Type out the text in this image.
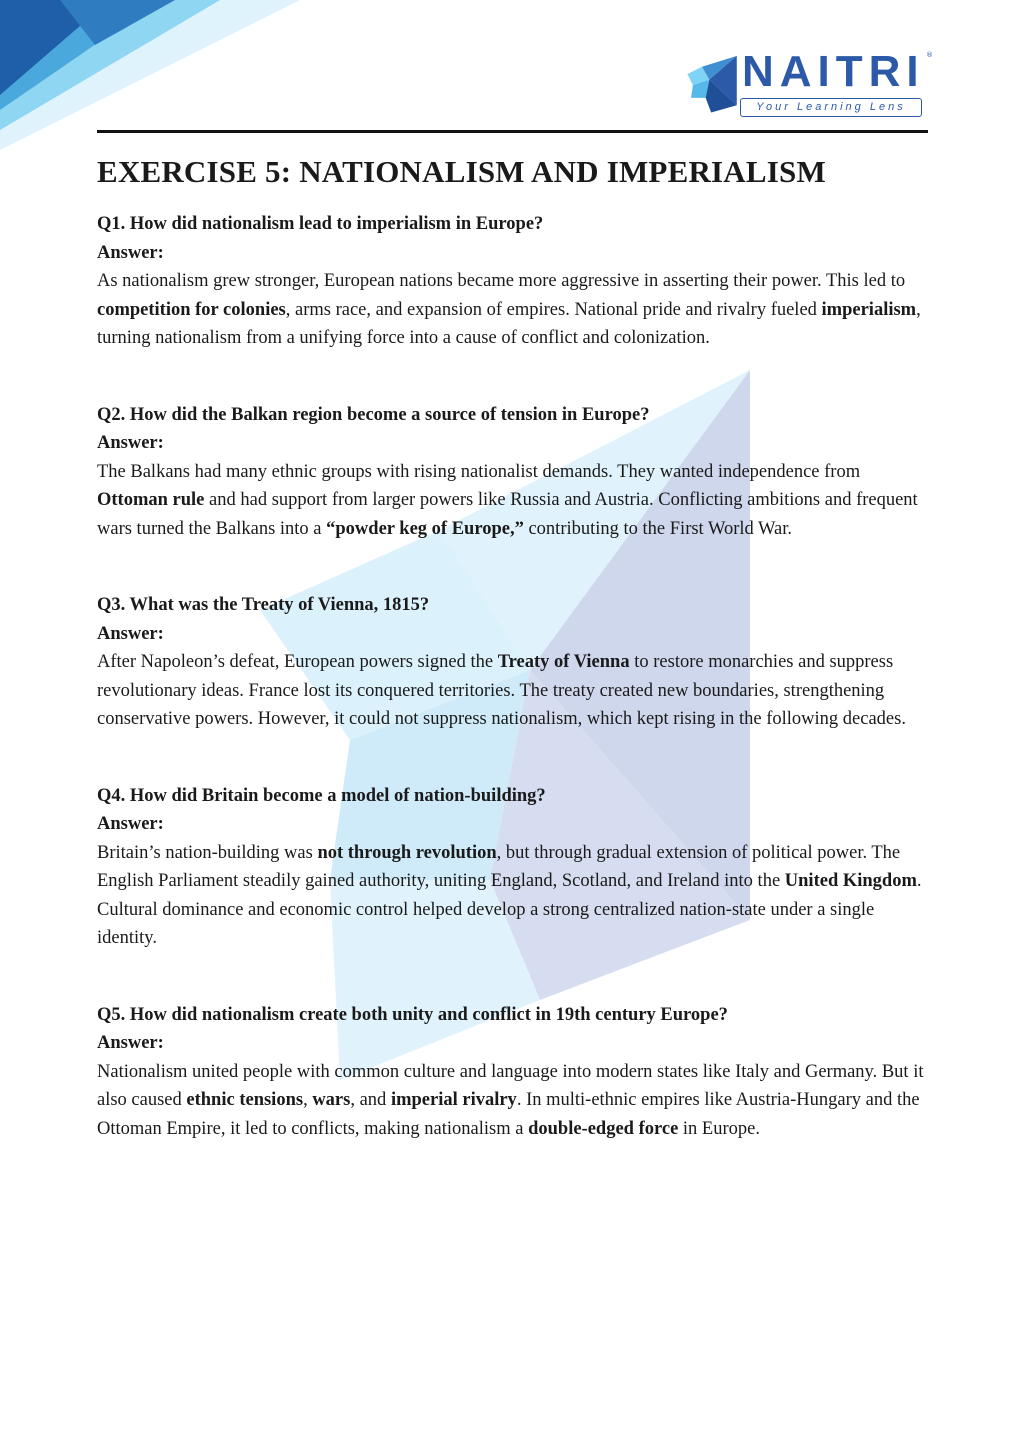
NAITRI ®
Your Learning Lens
EXERCISE 5: NATIONALISM AND IMPERIALISM

Q1. How did nationalism lead to imperialism in Europe?

Answer:

As nationalism grew stronger, European nations became more aggressive in asserting their power. This led to competition for colonies, arms race, and expansion of empires. National pride and rivalry fueled imperialism, turning nationalism from a unifying force into a cause of conflict and colonization.

Q2. How did the Balkan region become a source of tension in Europe?

Answer:

The Balkans had many ethnic groups with rising nationalist demands. They wanted independence from Ottoman rule and had support from larger powers like Russia and Austria. Conflicting ambitions and frequent wars turned the Balkans into a “powder keg of Europe,” contributing to the First World War.

Q3. What was the Treaty of Vienna, 1815?

Answer:

After Napoleon’s defeat, European powers signed the Treaty of Vienna to restore monarchies and suppress revolutionary ideas. France lost its conquered territories. The treaty created new boundaries, strengthening conservative powers. However, it could not suppress nationalism, which kept rising in the following decades.

Q4. How did Britain become a model of nation-building?

Answer:

Britain’s nation-building was not through revolution, but through gradual extension of political power. The English Parliament steadily gained authority, uniting England, Scotland, and Ireland into the United Kingdom. Cultural dominance and economic control helped develop a strong centralized nation-state under a single identity.

Q5. How did nationalism create both unity and conflict in 19th century Europe?

Answer:

Nationalism united people with common culture and language into modern states like Italy and Germany. But it also caused ethnic tensions, wars, and imperial rivalry. In multi-ethnic empires like Austria-Hungary and the Ottoman Empire, it led to conflicts, making nationalism a double-edged force in Europe.
